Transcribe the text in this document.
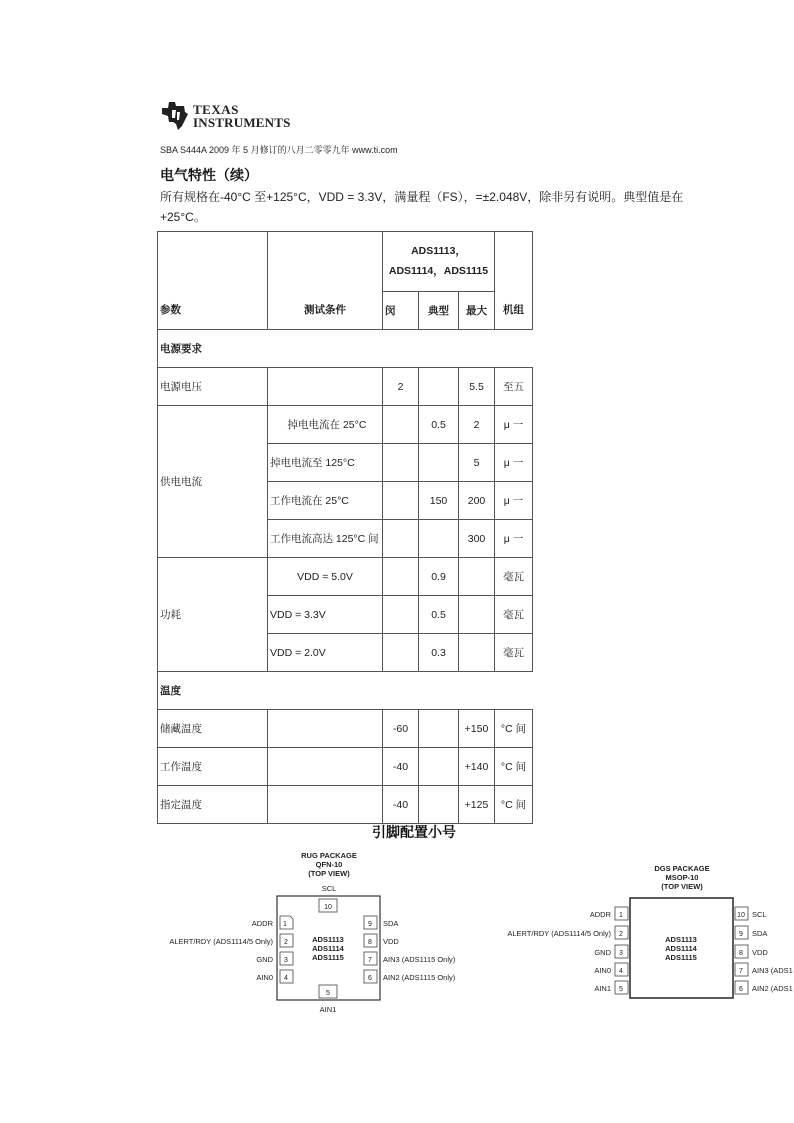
TEXAS
INSTRUMENTS
SBA S444A 2009 年 5 月修订的八月二零零九年 www.ti.com
电气特性（续）
所有规格在-40°C 至+125°C，VDD = 3.3V，满量程（FS），=±2.048V，除非另有说明。典型值是在+25°C。
参数	测试条件	ADS1113，ADS1114，ADS1115			机组
		闵	典型	最大	
电源要求					
电源电压		2		5.5	至五
供电电流	掉电电流在 25°C		0.5	2	μ 一
	掉电电流至 125°C			5	μ 一
	工作电流在 25°C		150	200	μ 一
	工作电流高达 125°C 间			300	μ 一
功耗	VDD = 5.0V		0.9		毫瓦
	VDD = 3.3V		0.5		毫瓦
	VDD = 2.0V		0.3		毫瓦
温度					
储藏温度		-60		+150	°C 间
工作温度		-40		+140	°C 间
指定温度		-40		+125	°C 间
引脚配置小号
RUG PACKAGE
QFN-10
(TOP VIEW)
SCL
10
5
AIN1
1
ADDR
2
ALERT/RDY (ADS1114/5 Only)
3
GND
4
AIN0
9 SDA
8 VDD
7 AIN3 (ADS1115 Only)
6 AIN2 (ADS1115 Only)
ADS1113
ADS1114
ADS1115
DGS PACKAGE
MSOP-10
(TOP VIEW)
1
ADDR
2
ALERT/RDY (ADS1114/5 Only)
3
GND
4
AIN0
5
AIN1
10 SCL
9 SDA
8 VDD
7 AIN3 (ADS1
6 AIN2 (ADS1
ADS1113
ADS1114
ADS1115
